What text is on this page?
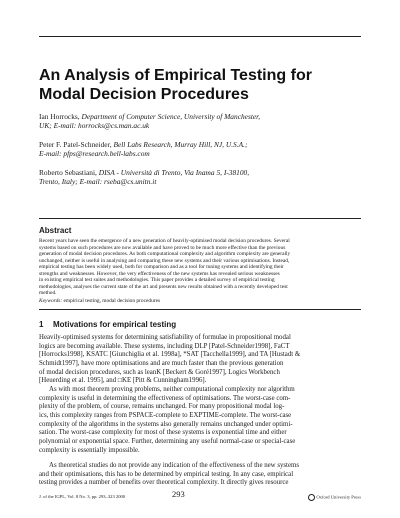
An Analysis of Empirical Testing for
Modal Decision Procedures
Ian Horrocks, Department of Computer Science, University of Manchester,
UK; E-mail: horrocks@cs.man.ac.uk
Peter F. Patel-Schneider, Bell Labs Research, Murray Hill, NJ, U.S.A.;
E-mail: pfps@research.bell-labs.com
Roberto Sebastiani, DISA - Università di Trento, Via Inama 5, I-38100,
Trento, Italy; E-mail: rseba@cs.unitn.it
Abstract
Recent years have seen the emergence of a new generation of heavily-optimised modal decision procedures. Several
systems based on such procedures are now available and have proved to be much more effective than the previous
generation of modal decision procedures. As both computational complexity and algorithm complexity are generally
unchanged, neither is useful in analysing and comparing these new systems and their various optimisations. Instead,
empirical testing has been widely used, both for comparison and as a tool for tuning systems and identifying their
strengths and weaknesses. However, the very effectiveness of the new systems has revealed serious weaknesses
in existing empirical test suites and methodologies. This paper provides a detailed survey of empirical testing
methodologies, analyses the current state of the art and presents new results obtained with a recently developed test
method.
Keywords: empirical testing, modal decision procedures
1 Motivations for empirical testing
Heavily-optimised systems for determining satisfiability of formulae in propositional modal
logics are becoming available. These systems, including DLP [Patel-Schneider1998], FaCT
[Horrocks1998], KSATC [Giunchiglia et al. 1998a], *SAT [Tacchella1999], and TA [Hustadt &
Schmidt1997], have more optimisations and are much faster than the previous generation
of modal decision procedures, such as leanK [Beckert & Goré1997], Logics Workbench
[Heuerding et al. 1995], and □KE [Pitt & Cunningham1996].
As with most theorem proving problems, neither computational complexity nor algorithm
complexity is useful in determining the effectiveness of optimisations. The worst-case com-
plexity of the problem, of course, remains unchanged. For many propositional modal log-
ics, this complexity ranges from PSPACE-complete to EXPTIME-complete. The worst-case
complexity of the algorithms in the systems also generally remains unchanged under optimi-
sation. The worst-case complexity for most of these systems is exponential time and either
polynomial or exponential space. Further, determining any useful normal-case or special-case
complexity is essentially impossible.
As theoretical studies do not provide any indication of the effectiveness of the new systems
and their optimisations, this has to be determined by empirical testing. In any case, empirical
testing provides a number of benefits over theoretical complexity. It directly gives resource
J. of the IGPL, Vol. 8 No. 3, pp. 293–323 2000	293	Oxford University Press
